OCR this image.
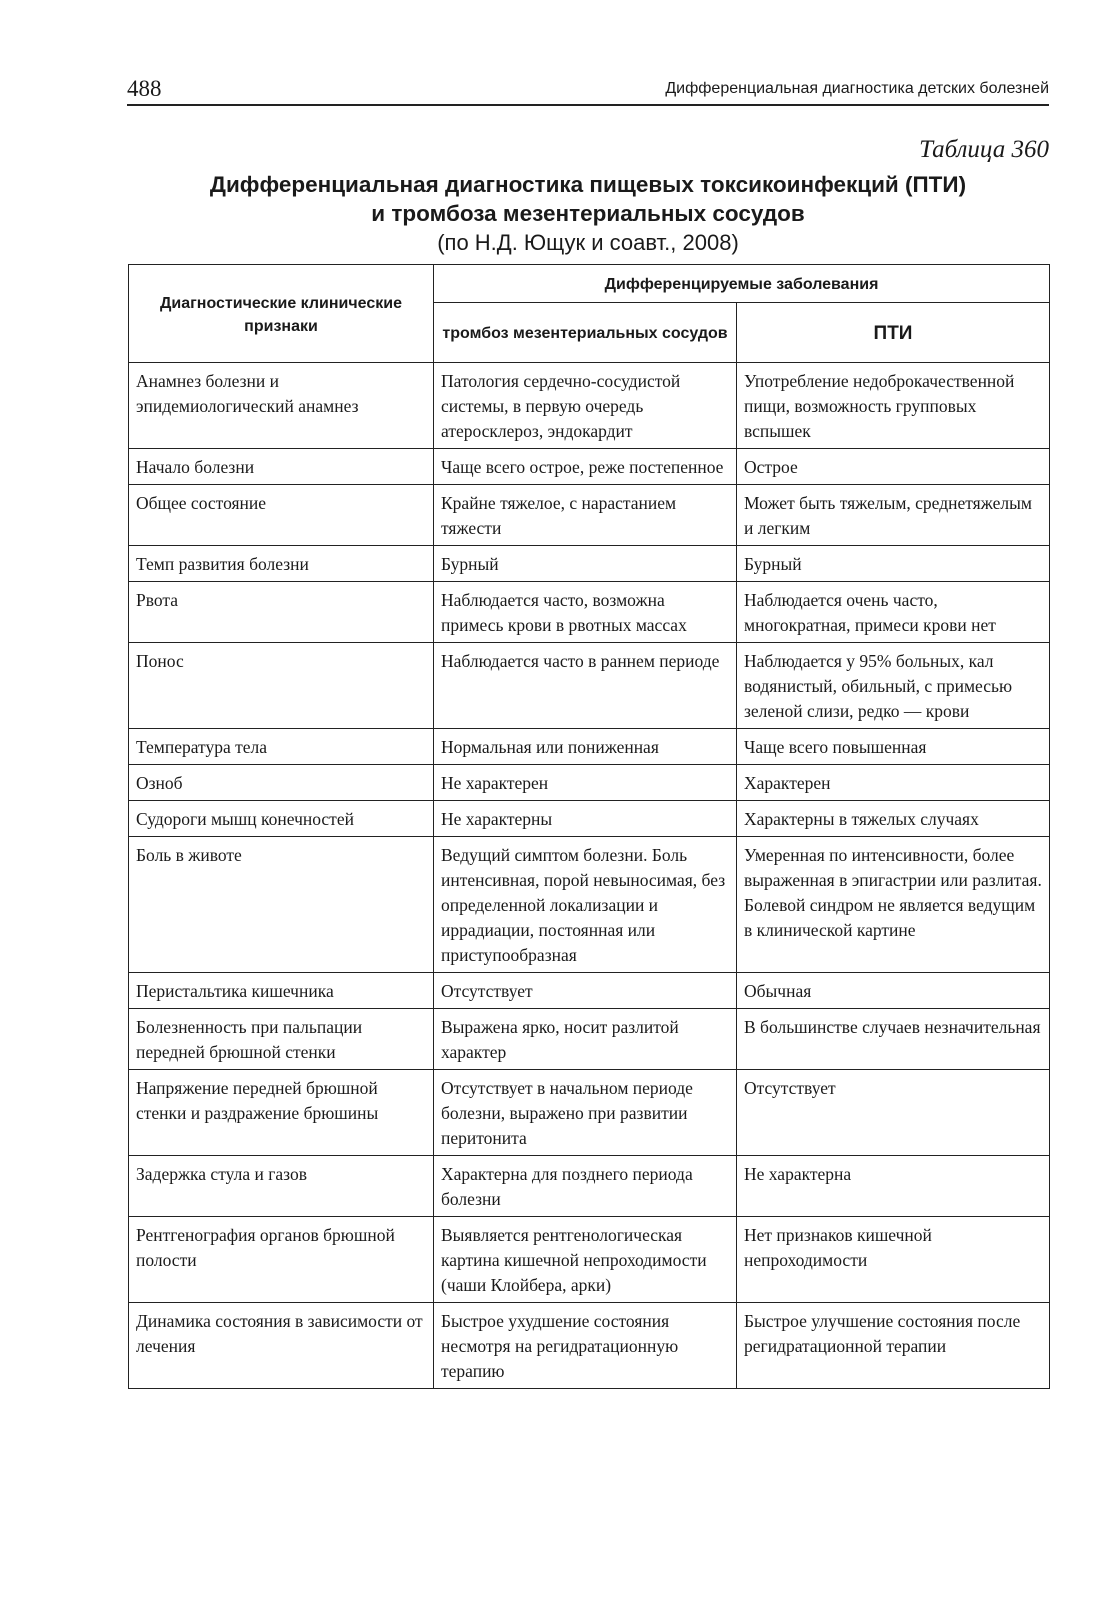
488	Дифференциальная диагностика детских болезней
Таблица 360
Дифференциальная диагностика пищевых токсикоинфекций (ПТИ)
и тромбоза мезентериальных сосудов
(по Н.Д. Ющук и соавт., 2008)
Диагностические клинические признаки	Дифференцируемые заболевания	
	тромбоз мезентериальных сосудов	ПТИ
Анамнез болезни и эпидемиологический анамнез	Патология сердечно-сосудистой системы, в первую очередь атеросклероз, эндокардит	Употребление недоброкачественной пищи, возможность групповых вспышек
Начало болезни	Чаще всего острое, реже постепенное	Острое
Общее состояние	Крайне тяжелое, с нарастанием тяжести	Может быть тяжелым, среднетяжелым и легким
Темп развития болезни	Бурный	Бурный
Рвота	Наблюдается часто, возможна примесь крови в рвотных массах	Наблюдается очень часто, многократная, примеси крови нет
Понос	Наблюдается часто в раннем периоде	Наблюдается у 95% больных, кал водянистый, обильный, с примесью зеленой слизи, редко — крови
Температура тела	Нормальная или пониженная	Чаще всего повышенная
Озноб	Не характерен	Характерен
Судороги мышц конечностей	Не характерны	Характерны в тяжелых случаях
Боль в животе	Ведущий симптом болезни. Боль интенсивная, порой невыносимая, без определенной локализации и иррадиации, постоянная или приступообразная	Умеренная по интенсивности, более выраженная в эпигастрии или разлитая. Болевой синдром не является ведущим в клинической картине
Перистальтика кишечника	Отсутствует	Обычная
Болезненность при пальпации передней брюшной стенки	Выражена ярко, носит разлитой характер	В большинстве случаев незначительная
Напряжение передней брюшной стенки и раздражение брюшины	Отсутствует в начальном периоде болезни, выражено при развитии перитонита	Отсутствует
Задержка стула и газов	Характерна для позднего периода болезни	Не характерна
Рентгенография органов брюшной полости	Выявляется рентгенологическая картина кишечной непроходимости (чаши Клойбера, арки)	Нет признаков кишечной непроходимости
Динамика состояния в зависимости от лечения	Быстрое ухудшение состояния несмотря на регидратационную терапию	Быстрое улучшение состояния после регидратационной терапии
